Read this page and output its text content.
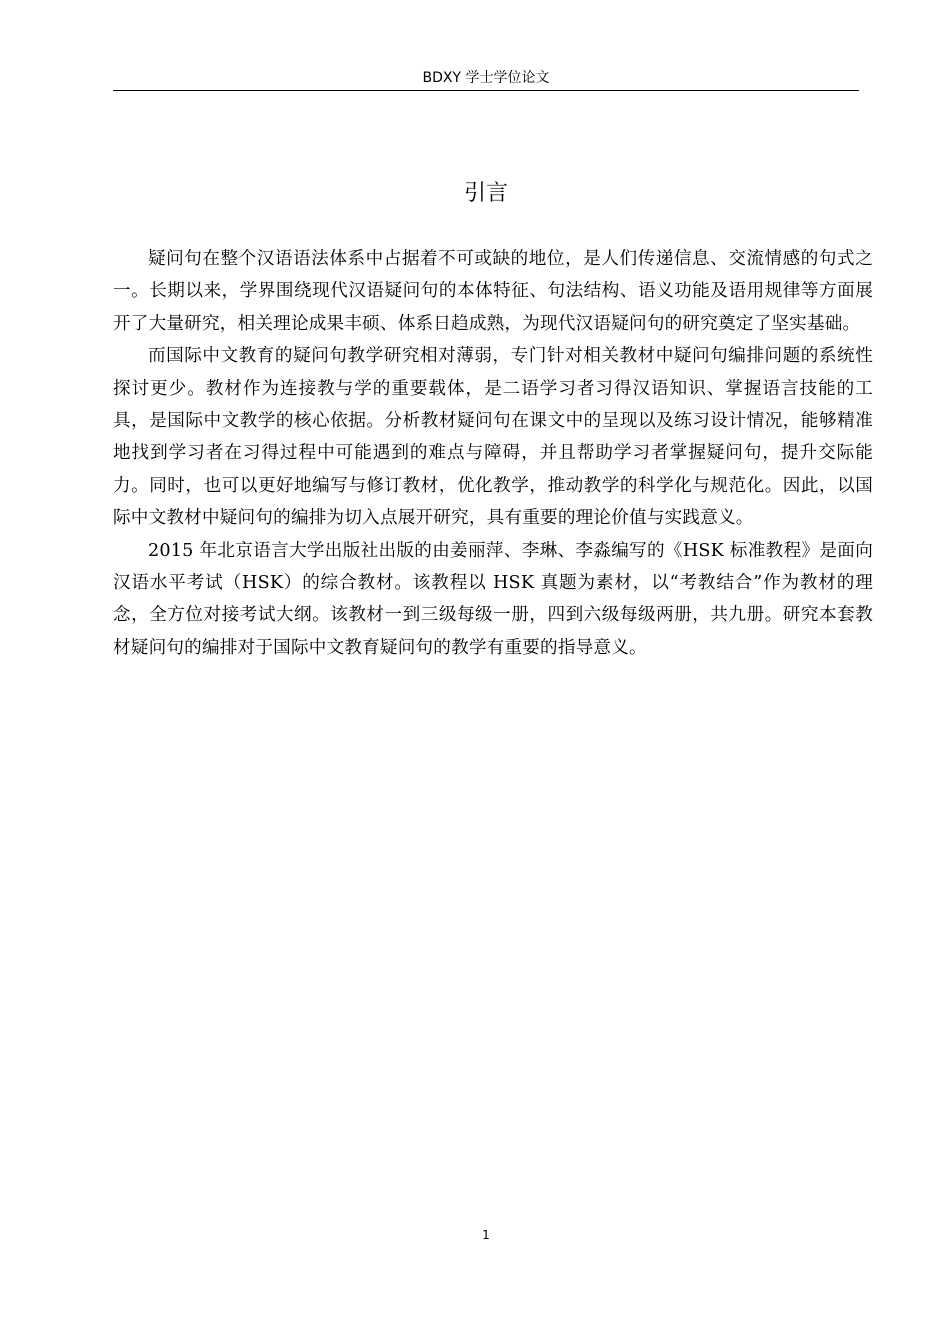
BDXY 学士学位论文
引言

疑问句在整个汉语语法体系中占据着不可或缺的地位，是人们传递信息、交流情感的句式之一。长期以来，学界围绕现代汉语疑问句的本体特征、句法结构、语义功能及语用规律等方面展开了大量研究，相关理论成果丰硕、体系日趋成熟，为现代汉语疑问句的研究奠定了坚实基础。

而国际中文教育的疑问句教学研究相对薄弱，专门针对相关教材中疑问句编排问题的系统性探讨更少。教材作为连接教与学的重要载体，是二语学习者习得汉语知识、掌握语言技能的工具，是国际中文教学的核心依据。分析教材疑问句在课文中的呈现以及练习设计情况，能够精准地找到学习者在习得过程中可能遇到的难点与障碍，并且帮助学习者掌握疑问句，提升交际能力。同时，也可以更好地编写与修订教材，优化教学，推动教学的科学化与规范化。因此，以国际中文教材中疑问句的编排为切入点展开研究，具有重要的理论价值与实践意义。

2015 年北京语言大学出版社出版的由姜丽萍、李琳、李淼编写的《HSK 标准教程》是面向汉语水平考试（HSK）的综合教材。该教程以 HSK 真题为素材，以“考教结合”作为教材的理念，全方位对接考试大纲。该教材一到三级每级一册，四到六级每级两册，共九册。研究本套教材疑问句的编排对于国际中文教育疑问句的教学有重要的指导意义。

1
